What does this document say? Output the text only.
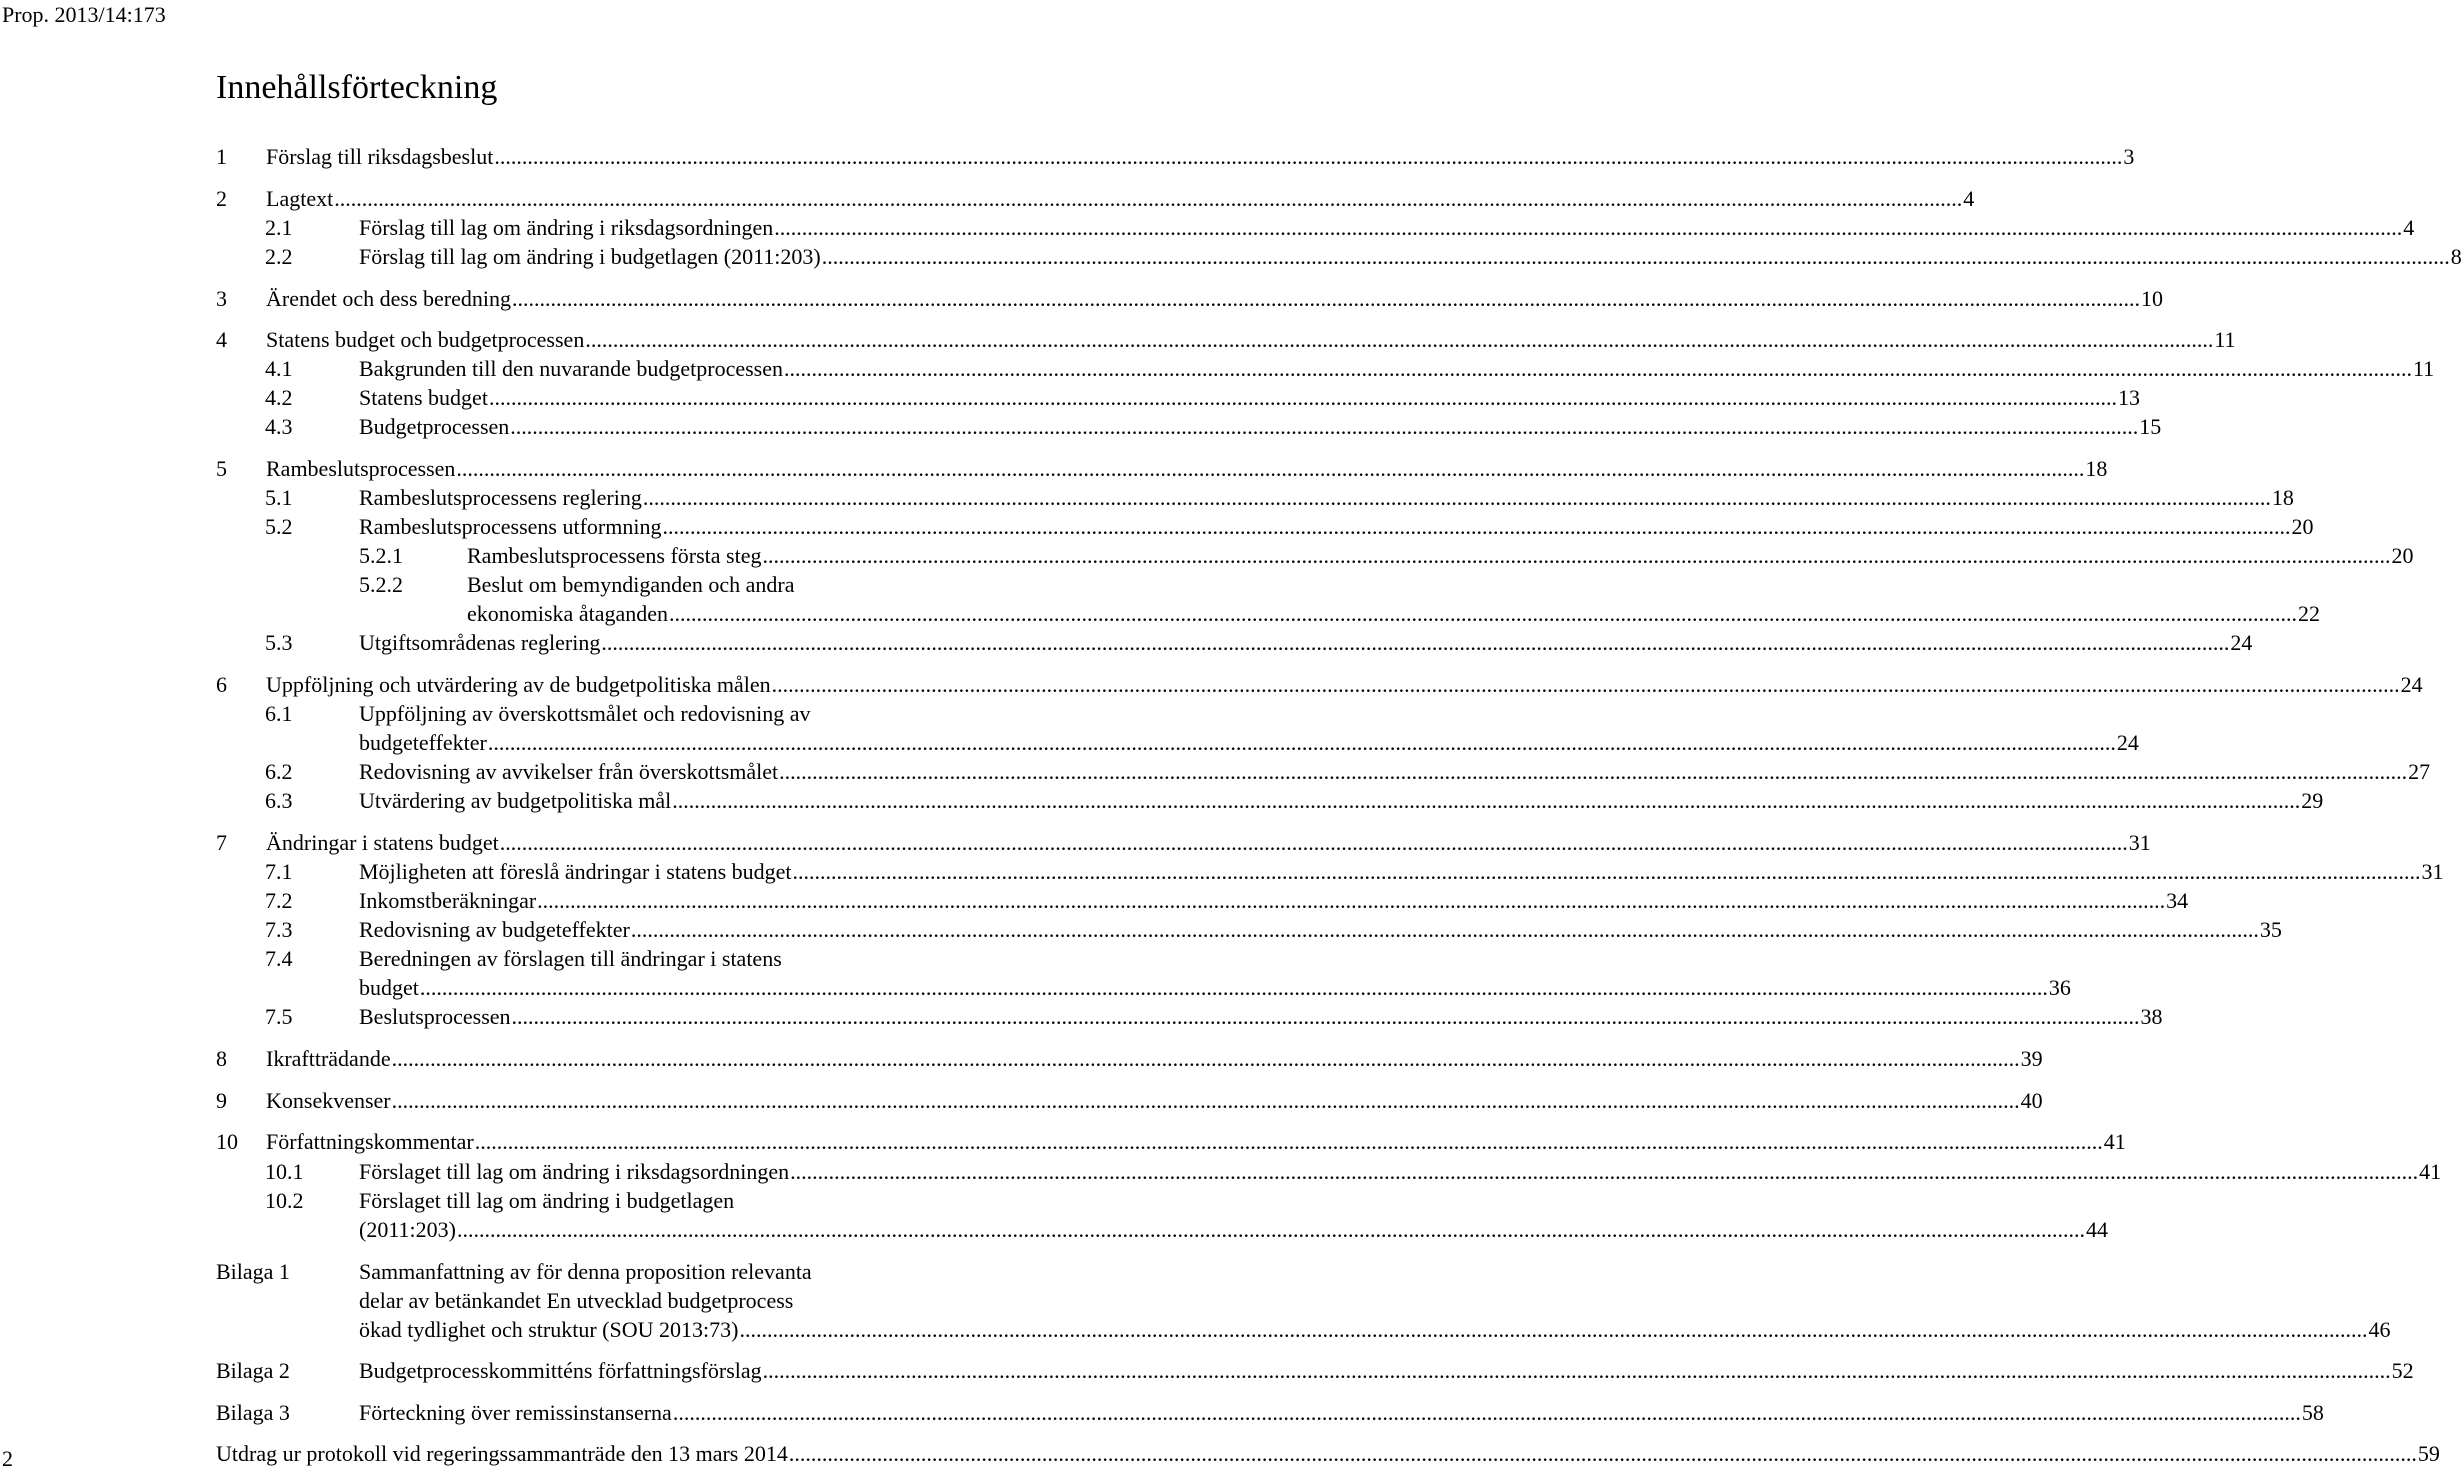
Prop. 2013/14:173
Innehållsförteckning
1 Förslag till riksdagsbeslut .....	3
2 Lagtext .....	4
2.1	Förslag till lag om ändring i riksdagsordningen .....	4
2.2	Förslag till lag om ändring i budgetlagen (2011:203) .....	8
3 Ärendet och dess beredning .....	10
4 Statens budget och budgetprocessen .....	11
4.1	Bakgrunden till den nuvarande budgetprocessen .....	11
4.2	Statens budget .....	13
4.3	Budgetprocessen .....	15
5 Rambeslutsprocessen .....	18
5.1	Rambeslutsprocessens reglering .....	18
5.2	Rambeslutsprocessens utformning .....	20
5.2.1	Rambeslutsprocessens första steg .....	20
5.2.2	Beslut om bemyndiganden och andra
ekonomiska åtaganden .....	22
5.3	Utgiftsområdenas reglering .....	24
6 Uppföljning och utvärdering av de budgetpolitiska målen .....	24
6.1	Uppföljning av överskottsmålet och redovisning av
budgeteffekter .....	24
6.2	Redovisning av avvikelser från överskottsmålet .....	27
6.3	Utvärdering av budgetpolitiska mål .....	29
7 Ändringar i statens budget .....	31
7.1	Möjligheten att föreslå ändringar i statens budget .....	31
7.2	Inkomstberäkningar .....	34
7.3	Redovisning av budgeteffekter .....	35
7.4	Beredningen av förslagen till ändringar i statens
budget .....	36
7.5	Beslutsprocessen .....	38
8 Ikraftträdande .....	39
9 Konsekvenser .....	40
10 Författningskommentar .....	41
10.1	Förslaget till lag om ändring i riksdagsordningen .....	41
10.2	Förslaget till lag om ändring i budgetlagen
(2011:203) .....	44
Bilaga 1	Sammanfattning av för denna proposition relevanta
delar av betänkandet En utvecklad budgetprocess
ökad tydlighet och struktur (SOU 2013:73) .....	46
Bilaga 2	Budgetprocesskommitténs författningsförslag .....	52
Bilaga 3	Förteckning över remissinstanserna .....	58
Utdrag ur protokoll vid regeringssammanträde den 13 mars 2014 .....	59
2
